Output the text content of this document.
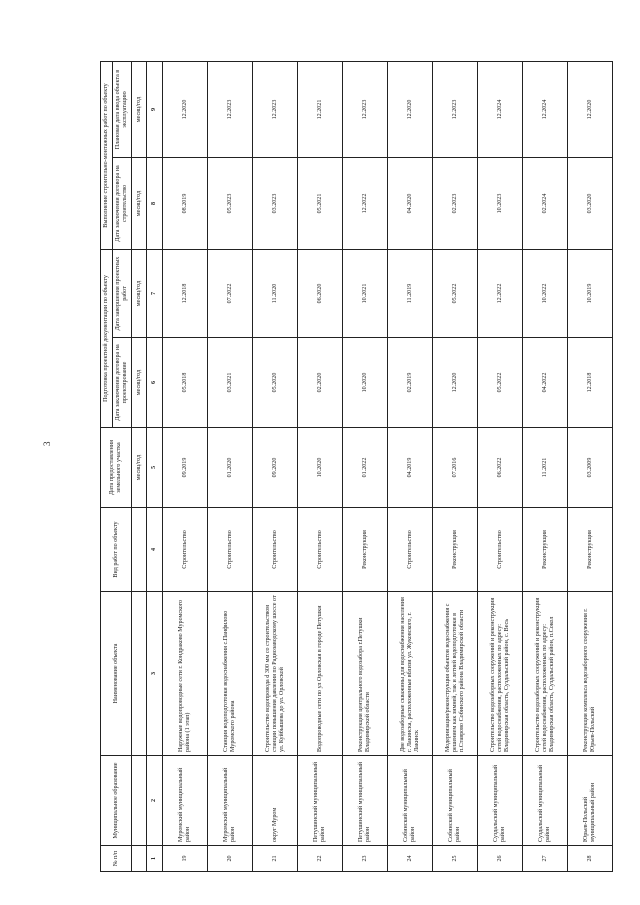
3
№ п/п	Муниципальное образование	Наименование объекта	Вид работ по объекту	Дата предоставления земельного участка	Подготовка проектной документации по объекту		Выполнение строительно-монтажных работ по объекту	
					Дата заключения договора на проектирование	Дата завершения проектных работ	Дата заключения договора на строительство	Плановая дата ввода объекта в эксплуатацию
				месяц/год	месяц/год	месяц/год	месяц/год	месяц/год
1	2	3	4	5	6	7	8	9
19	Муромский муниципальный район	Наружные водопроводные сети г. Кондраково Муромского района (1 этап)	Строительство	09.2019	05.2018	12.2018	08.2019	12.2020
20	Муромский муниципальный район	Станция водоподготовки водоснабжения с.Панфилово Муромского района	Строительство	01.2020	03.2021	07.2022	05.2023	12.2023
21	округ Муром	Строительство водопровода d 300 мм со строительством станции повышения давления по Радиозаводскому шоссе от ул. Куйбышева до ул. Орловской	Строительство	09.2020	05.2020	11.2020	03.2023	12.2023
22	Петушинский муниципальный район	Водопроводные сети по ул Орловская в городе Петушки	Строительство	10.2020	02.2020	06.2020	05.2021	12.2021
23	Петушинский муниципальный район	Реконструкция центрального водозабора г.Петушки Владимирской области	Реконструкция	01.2022	10.2020	10.2021	12.2022	12.2023
24	Собинский муниципальный район	Две водозаборные скважины для водоснабжения населения г. Лакинска, расположенные вблизи ул. Жуковского, г. Лакинск	Строительство	04.2019	02.2019	11.2019	04.2020	12.2020
25	Собинский муниципальный район	Модернизация/реконструкция объектов водоснабжения с решением как зимней, так и летней водоподготовки в п.Ставрово Собинского района Владимирской области	Реконструкция	07.2016	12.2020	05.2022	02.2023	12.2023
26	Суздальский муниципальный район	Строительство водозаборных сооружений и реконструкция сетей водоснабжения, расположенных по адресу: Владимирская область, Суздальский район, с. Весь	Строительство	06.2022	05.2022	12.2022	10.2023	12.2024
27	Суздальский муниципальный район	Строительство водозаборных сооружений и реконструкция сетей водоснабжения, расположенных по адресу: Владимирская область, Суздальский район, п.Сокол	Реконструкция	11.2021	04.2022	10.2022	02.2024	12.2024
28	Юрьев-Польский муниципальный район	Реконструкция комплекса водозаборного сооружения г. Юрьев-Польский	Реконструкция	03.2009	12.2018	10.2019	03.2020	12.2020
